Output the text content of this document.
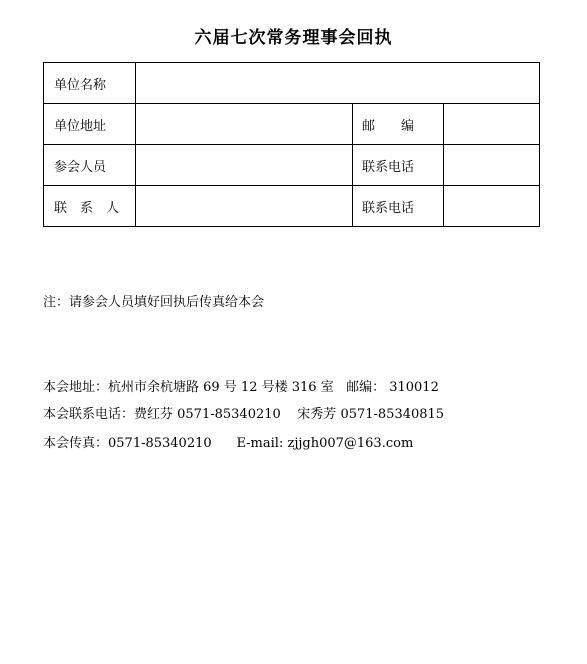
六届七次常务理事会回执
单位名称			
单位地址		邮　　编	
参会人员		联系电话	
联　系　人		联系电话	
注：请参会人员填好回执后传真给本会
本会地址：杭州市余杭塘路 69 号 12 号楼 316 室   邮编： 310012
本会联系电话：费红芬 0571-85340210    宋秀芳 0571-85340815
本会传真：0571-85340210      E-mail: zjjgh007@163.com
